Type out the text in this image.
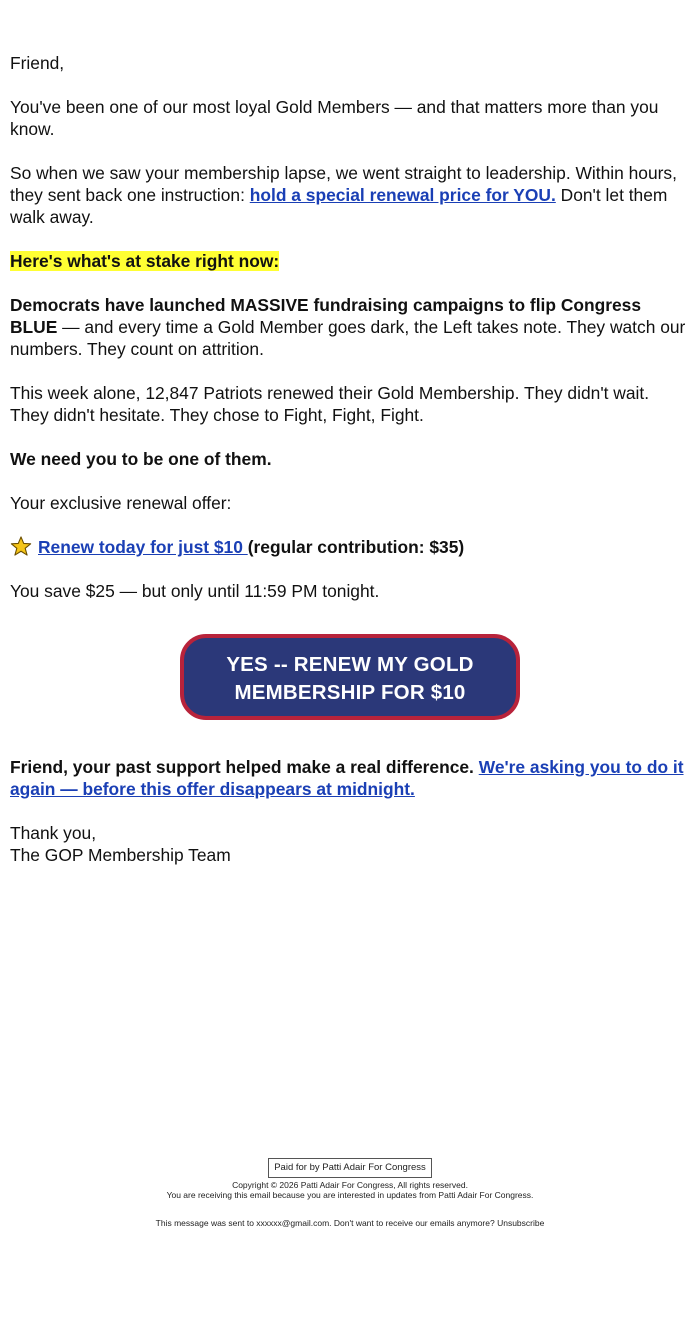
Friend,

You've been one of our most loyal Gold Members — and that matters more than you know.

So when we saw your membership lapse, we went straight to leadership. Within hours, they sent back one instruction: hold a special renewal price for YOU. Don't let them walk away.

Here's what's at stake right now:

Democrats have launched MASSIVE fundraising campaigns to flip Congress BLUE — and every time a Gold Member goes dark, the Left takes note. They watch our numbers. They count on attrition.

This week alone, 12,847 Patriots renewed their Gold Membership. They didn't wait. They didn't hesitate. They chose to Fight, Fight, Fight.

We need you to be one of them.

Your exclusive renewal offer:

Renew today for just $10 (regular contribution: $35)

You save $25 — but only until 11:59 PM tonight.

YES -- RENEW MY GOLD MEMBERSHIP FOR $10

Friend, your past support helped make a real difference. We're asking you to do it again — before this offer disappears at midnight.

Thank you,

The GOP Membership Team

Paid for by Patti Adair For Congress
Copyright © 2026 Patti Adair For Congress, All rights reserved.
You are receiving this email because you are interested in updates from Patti Adair For Congress.
This message was sent to xxxxxx@gmail.com. Don't want to receive our emails anymore? Unsubscribe
